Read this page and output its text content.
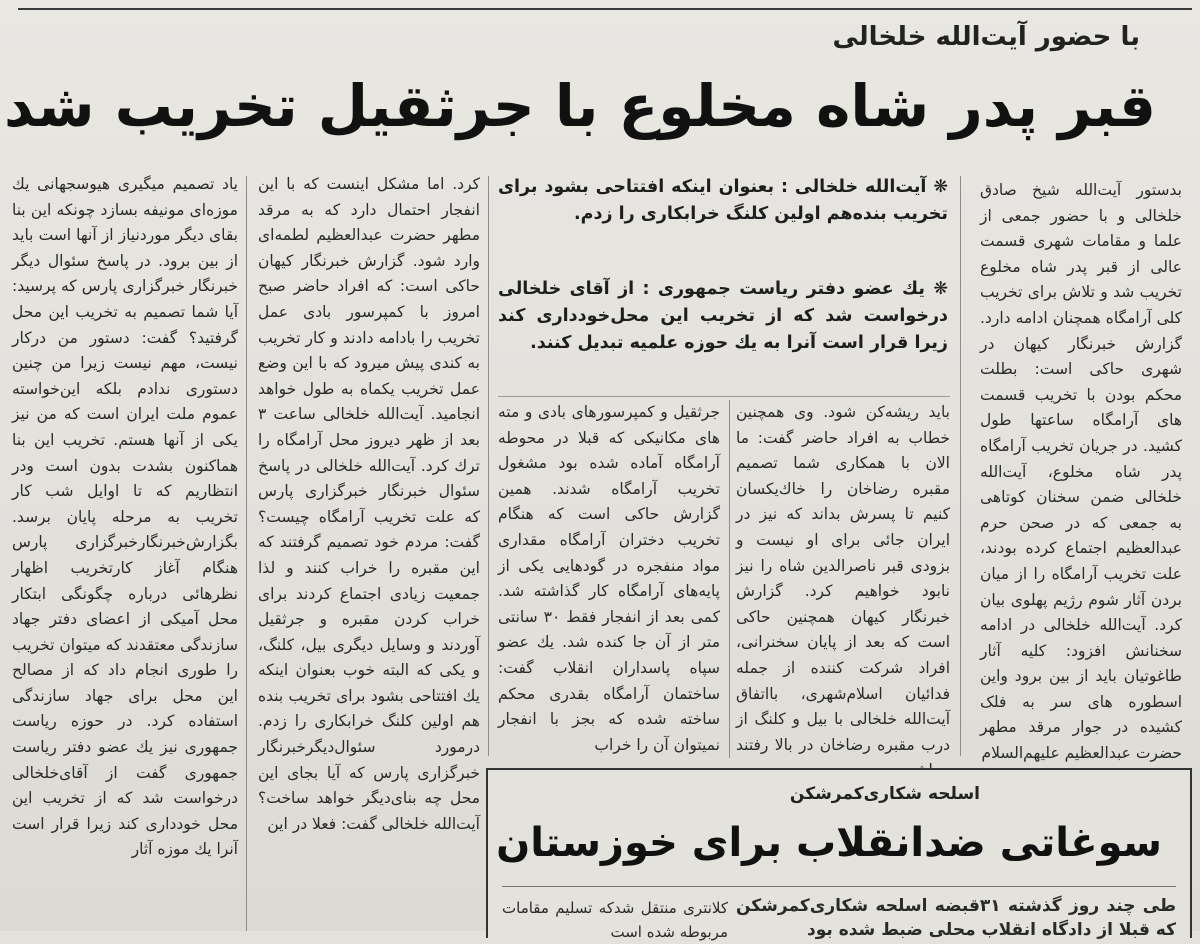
با حضور آیت‌الله خلخالی
قبر پدر شاه مخلوع با جرثقیل تخریب شد

بدستور آیت‌الله شیخ صادق خلخالی و با حضور جمعی از علما و مقامات شهری قسمت عالی از قبر پدر شاه مخلوع تخریب شد و تلاش برای تخریب کلی آرامگاه همچنان ادامه دارد. گزارش خبرنگار کیهان در شهری حاکی است: بطلت محکم بودن با تخریب قسمت های آرامگاه ساعتها طول کشید. در جریان تخریب آرامگاه پدر شاه مخلوع، آیت‌الله خلخالی ضمن سخنان کوتاهی به جمعی که در صحن حرم عبدالعظیم اجتماع کرده بودند، علت تخریب آرامگاه را از میان بردن آثار شوم رژیم پهلوی بیان کرد. آیت‌الله خلخالی در ادامه سخنانش افزود: کلیه آثار طاغوتیان باید از بین برود واین اسطوره های سر به فلک کشیده در جوار مرقد مطهر حضرت عبدالعظیم علیهم‌السلام

❋ آیت‌الله خلخالی : بعنوان اینکه افتتاحی بشود برای تخریب بنده‌هم اولین کلنگ خرابکاری را زدم.
❋ یك عضو دفتر ریاست جمهوری : از آقای خلخالی درخواست شد که از تخریب این محل‌خودداری کند زیرا قرار است آنرا به یك حوزه علمیه تبدیل کنند.

باید ریشه‌کن شود. وی همچنین خطاب به افراد حاضر گفت: ما الان با همکاری شما تصمیم مقبره رضاخان را خاك‌یکسان کنیم تا پسرش بداند که نیز در ایران جائی برای او نیست و بزودی قبر ناصرالدین شاه را نیز نابود خواهیم کرد. گزارش خبرنگار کیهان همچنین حاکی است که بعد از پایان سخنرانی، افراد شرکت کننده از جمله فدائیان اسلام‌شهری، بااتفاق آیت‌الله خلخالی با بیل و کلنگ از درب مقبره رضاخان در بالا رفتند

جرثقیل و کمپرسورهای بادی و مته های مکانیکی که قبلا در محوطه آرامگاه آماده شده بود مشغول تخریب آرامگاه شدند. همین گزارش حاکی است که هنگام تخریب دختران آرامگاه مقداری مواد منفجره در گودهایی یکی از پایه‌های آرامگاه کار گذاشته شد. کمی بعد از انفجار فقط ۳۰ سانتی متر از آن جا کنده شد. یك عضو سپاه پاسداران انقلاب گفت: ساختمان آرامگاه بقدری محکم ساخته شده که بجز با انفجار نمیتوان آن را خراب

کرد. اما مشکل اینست که با این انفجار احتمال دارد که به مرقد مطهر حضرت عبدالعظیم لطمه‌ای وارد شود. گزارش خبرنگار کیهان حاکی است: که افراد حاضر صبح امروز با کمپرسور بادی عمل تخریب را بادامه دادند و کار تخریب به کندی پیش میرود که با این وضع عمل تخریب یکماه به طول خواهد انجامید. آیت‌الله خلخالی ساعت ۳ بعد از ظهر دیروز محل آرامگاه را ترك کرد. آیت‌الله خلخالی در پاسخ سئوال خبرنگار خبرگزاری پارس که علت تخریب آرامگاه چیست؟ گفت: مردم خود تصمیم گرفتند که این مقبره را خراب کنند و لذا جمعیت زیادی اجتماع کردند برای خراب کردن مقبره و جرثقیل آوردند و وسایل دیگری بیل، کلنگ، و یکی که البته خوب بعنوان اینکه یك افتتاحی بشود برای تخریب بنده هم اولین کلنگ خرابکاری را زدم. درمورد سئوال‌دیگرخبرنگار خبرگزاری پارس که آیا بجای این محل چه بنای‌دیگر خواهد ساخت؟ آیت‌الله خلخالی گفت: فعلا در این

یاد تصمیم میگیری هیوسجهانی یك موزه‌ای مونیفه بسازد چونکه این بنا بقای دیگر موردنیاز از آنها است باید از بین برود. در پاسخ سئوال دیگر خبرنگار خبرگزاری پارس که پرسید: آیا شما تصمیم به تخریب این محل گرفتید؟ گفت: دستور من درکار نیست، مهم نیست زیرا من چنین دستوری ندادم بلکه این‌خواسته عموم ملت ایران است که من نیز یکی از آنها هستم. تخریب این بنا هماکنون بشدت بدون است ودر انتظاریم که تا اوایل شب کار تخریب به مرحله پایان برسد. بگزارش‌خبرنگارخبرگزاری پارس هنگام آغاز کارتخریب اظهار نظرهائی درباره چگونگی ابتکار محل آمیکی از اعضای دفتر جهاد سازندگی معتقدند که میتوان تخریب را طوری انجام داد که از مصالح این محل برای جهاد سازندگی استفاده کرد. در حوزه ریاست جمهوری نیز یك عضو دفتر ریاست جمهوری گفت از آقای‌خلخالی درخواست شد که از تخریب این محل خودداری کند زیرا قرار است آنرا یك موزه آثار

اسلحه شکاری‌کمرشکن
سوغاتی ضدانقلاب برای خوزستان
طی چند روز گذشته ۳۱‌قبضه اسلحه شکاری‌کمرشکن که قبلا از دادگاه انقلاب محلی ضبط شده بود
کلانتری منتقل شدکه تسلیم مقامات مربوطه شده است
